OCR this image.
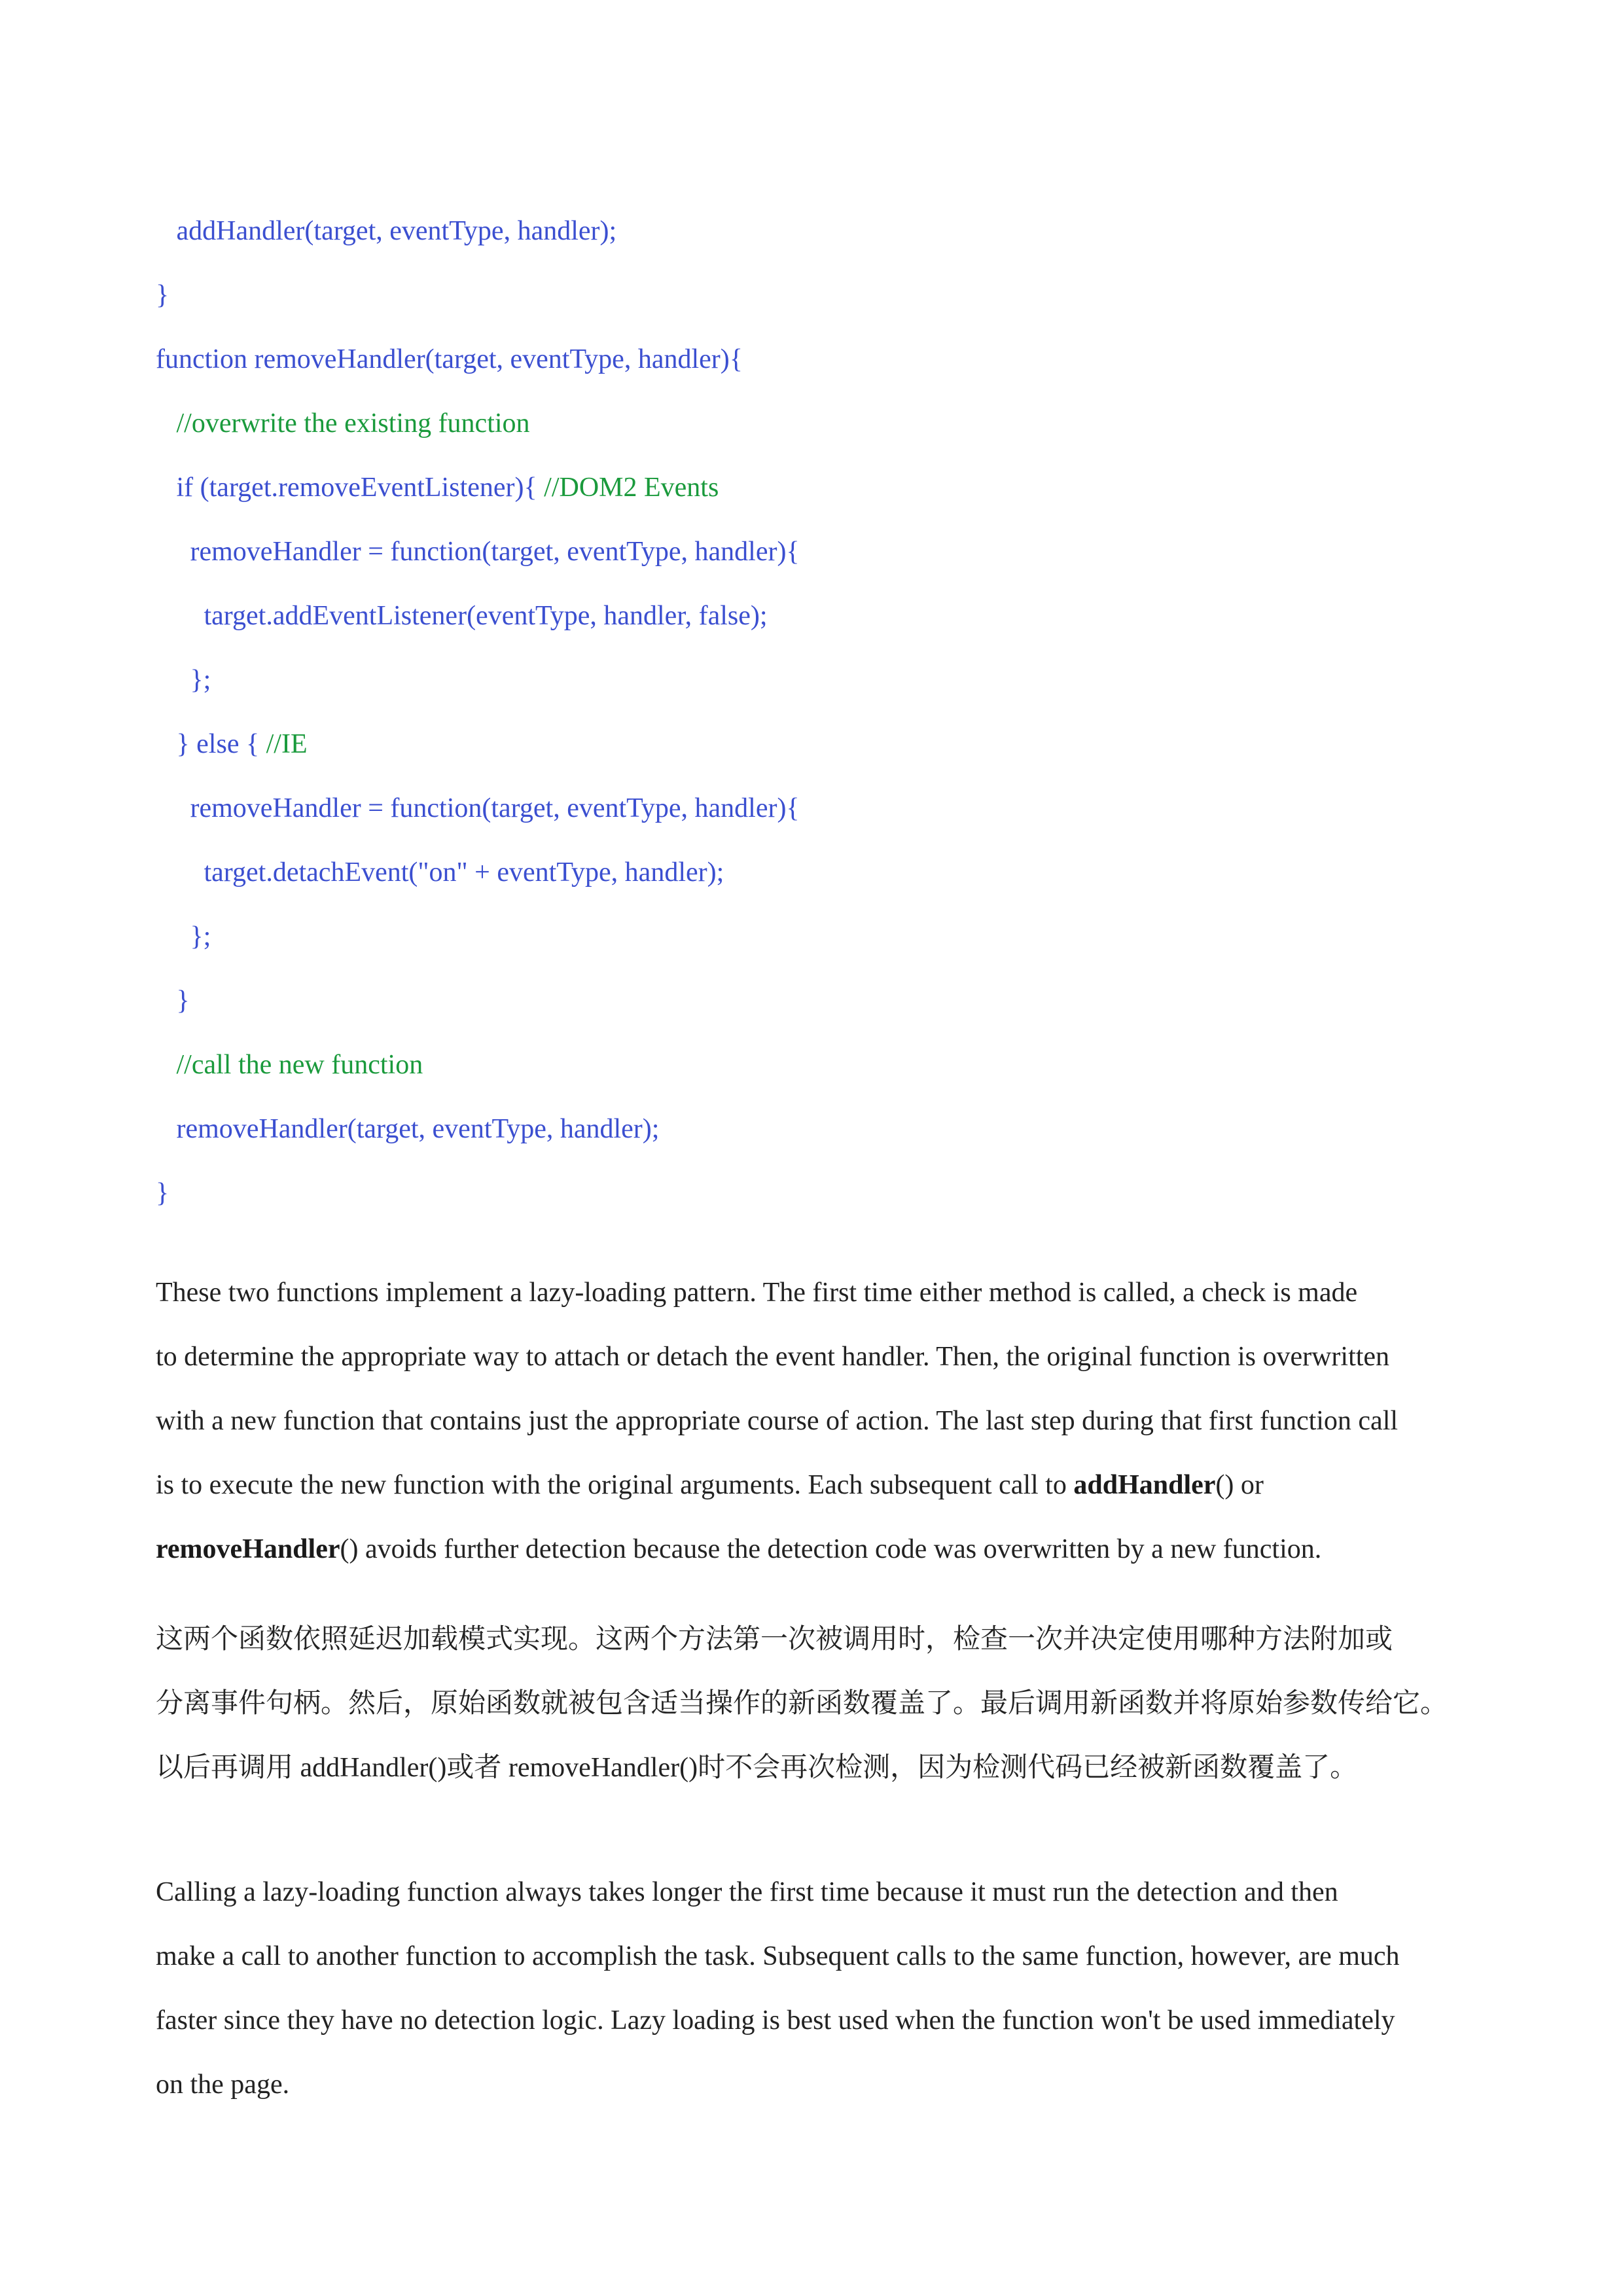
addHandler(target, eventType, handler);
}
function removeHandler(target, eventType, handler){
//overwrite the existing function
if (target.removeEventListener){ //DOM2 Events
removeHandler = function(target, eventType, handler){
target.addEventListener(eventType, handler, false);
};
} else { //IE
removeHandler = function(target, eventType, handler){
target.detachEvent("on" + eventType, handler);
};
}
//call the new function
removeHandler(target, eventType, handler);
}
These two functions implement a lazy-loading pattern. The first time either method is called, a check is made
to determine the appropriate way to attach or detach the event handler. Then, the original function is overwritten
with a new function that contains just the appropriate course of action. The last step during that first function call
is to execute the new function with the original arguments. Each subsequent call to addHandler() or
removeHandler() avoids further detection because the detection code was overwritten by a new function.
这两个函数依照延迟加载模式实现。这两个方法第一次被调用时，检查一次并决定使用哪种方法附加或
分离事件句柄。然后，原始函数就被包含适当操作的新函数覆盖了。最后调用新函数并将原始参数传给它。
以后再调用 addHandler()或者 removeHandler()时不会再次检测，因为检测代码已经被新函数覆盖了。
Calling a lazy-loading function always takes longer the first time because it must run the detection and then
make a call to another function to accomplish the task. Subsequent calls to the same function, however, are much
faster since they have no detection logic. Lazy loading is best used when the function won't be used immediately
on the page.
